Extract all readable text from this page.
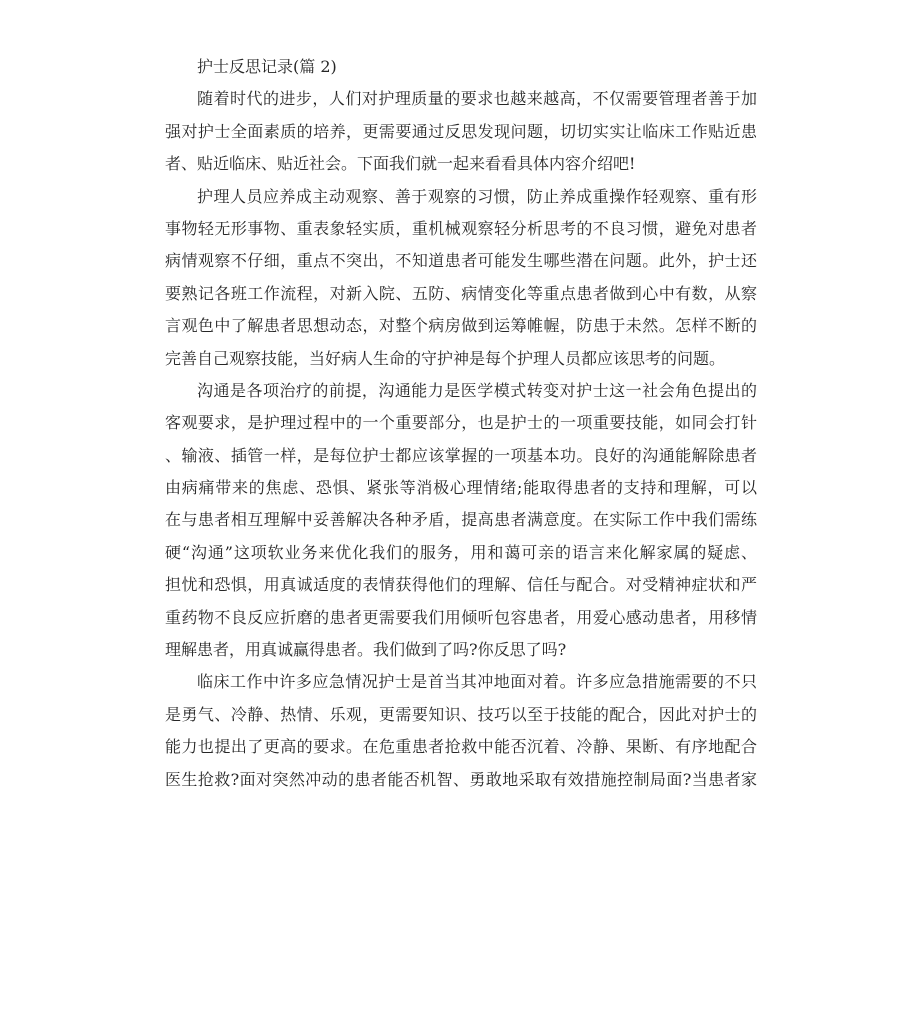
护士反思记录(篇 2)
随着时代的进步，人们对护理质量的要求也越来越高，不仅需要管理者善于加
强对护士全面素质的培养，更需要通过反思发现问题，切切实实让临床工作贴近患
者、贴近临床、贴近社会。下面我们就一起来看看具体内容介绍吧!
护理人员应养成主动观察、善于观察的习惯，防止养成重操作轻观察、重有形
事物轻无形事物、重表象轻实质，重机械观察轻分析思考的不良习惯，避免对患者
病情观察不仔细，重点不突出，不知道患者可能发生哪些潜在问题。此外，护士还
要熟记各班工作流程，对新入院、五防、病情变化等重点患者做到心中有数，从察
言观色中了解患者思想动态，对整个病房做到运筹帷幄，防患于未然。怎样不断的
完善自己观察技能，当好病人生命的守护神是每个护理人员都应该思考的问题。
沟通是各项治疗的前提，沟通能力是医学模式转变对护士这一社会角色提出的
客观要求，是护理过程中的一个重要部分，也是护士的一项重要技能，如同会打针
、输液、插管一样，是每位护士都应该掌握的一项基本功。良好的沟通能解除患者
由病痛带来的焦虑、恐惧、紧张等消极心理情绪;能取得患者的支持和理解，可以
在与患者相互理解中妥善解决各种矛盾，提高患者满意度。在实际工作中我们需练
硬“沟通”这项软业务来优化我们的服务，用和蔼可亲的语言来化解家属的疑虑、
担忧和恐惧，用真诚适度的表情获得他们的理解、信任与配合。对受精神症状和严
重药物不良反应折磨的患者更需要我们用倾听包容患者，用爱心感动患者，用移情
理解患者，用真诚赢得患者。我们做到了吗?你反思了吗?
临床工作中许多应急情况护士是首当其冲地面对着。许多应急措施需要的不只
是勇气、冷静、热情、乐观，更需要知识、技巧以至于技能的配合，因此对护士的
能力也提出了更高的要求。在危重患者抢救中能否沉着、冷静、果断、有序地配合
医生抢救?面对突然冲动的患者能否机智、勇敢地采取有效措施控制局面?当患者家
